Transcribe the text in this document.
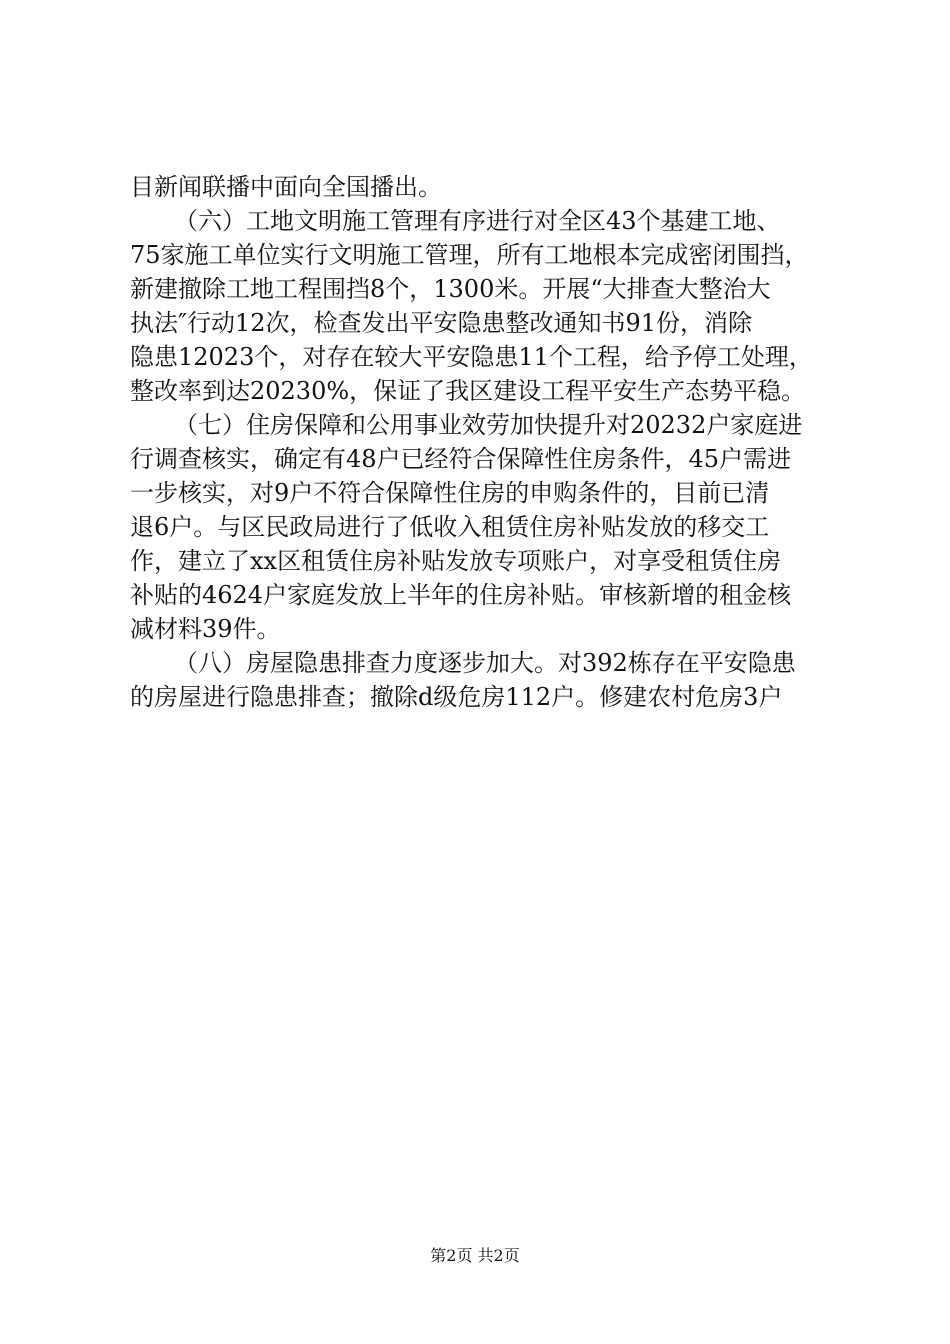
目新闻联播中面向全国播出。
（六）工地文明施工管理有序进行对全区43个基建工地、
75家施工单位实行文明施工管理，所有工地根本完成密闭围挡，
新建撤除工地工程围挡8个，1300米。开展“大排查大整治大
执法″行动12次，检查发出平安隐患整改通知书91份，消除
隐患12023个，对存在较大平安隐患11个工程，给予停工处理，
整改率到达20230%，保证了我区建设工程平安生产态势平稳。
（七）住房保障和公用事业效劳加快提升对20232户家庭进
行调查核实，确定有48户已经符合保障性住房条件，45户需进
一步核实，对9户不符合保障性住房的申购条件的，目前已清
退6户。与区民政局进行了低收入租赁住房补贴发放的移交工
作，建立了xx区租赁住房补贴发放专项账户，对享受租赁住房
补贴的4624户家庭发放上半年的住房补贴。审核新增的租金核
减材料39件。
（八）房屋隐患排查力度逐步加大。对392栋存在平安隐患
的房屋进行隐患排查；撤除d级危房112户。修建农村危房3户
第2页 共2页
